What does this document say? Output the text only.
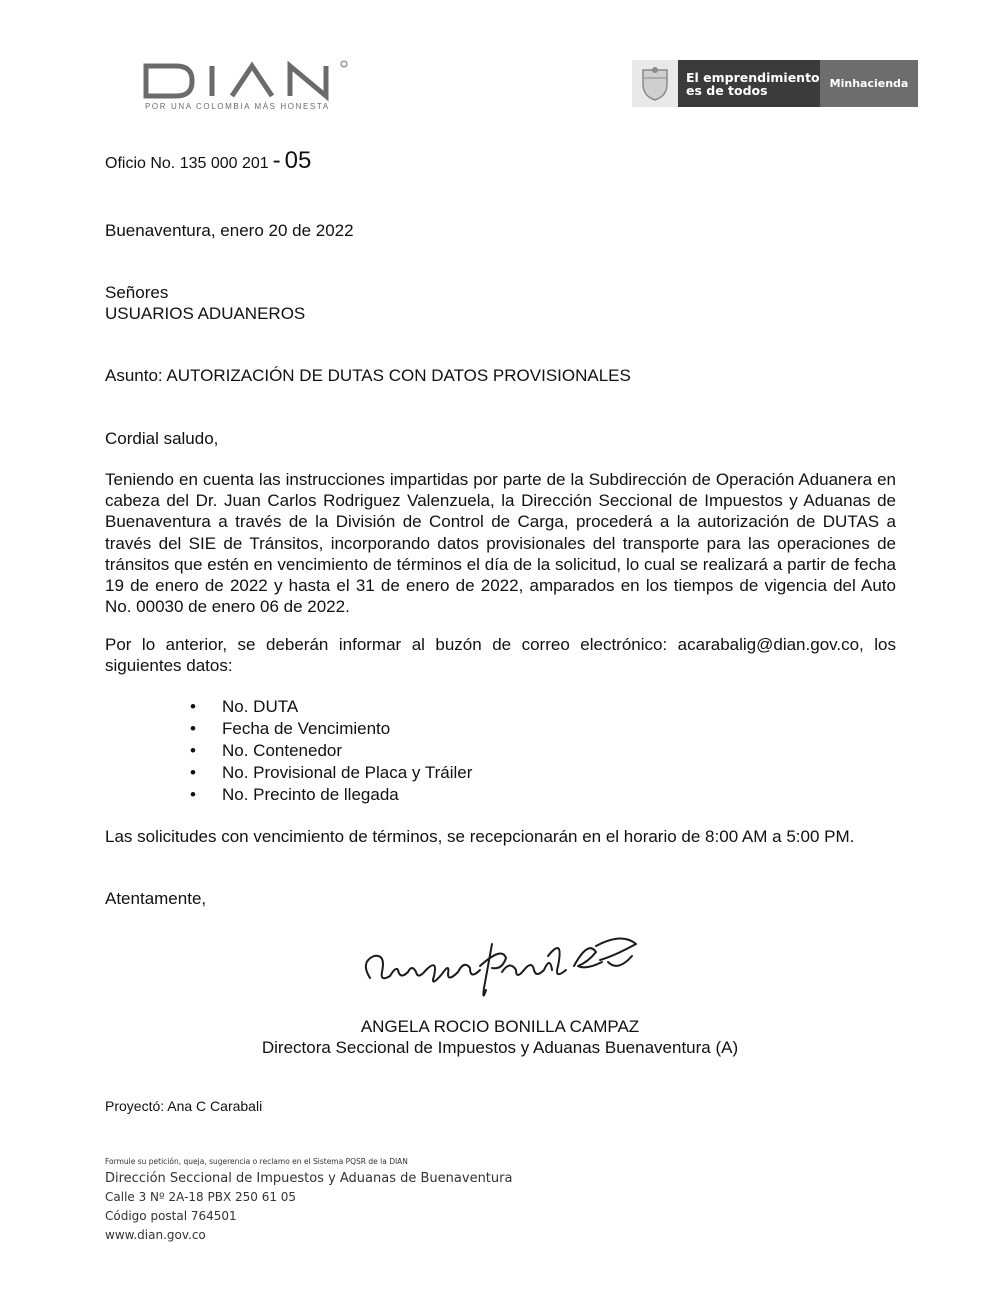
POR UNA COLOMBIA MÁS HONESTA
El emprendimiento
es de todos	Minhacienda
Oficio No. 135 000 201 - 05
Buenaventura, enero 20 de 2022
Señores
USUARIOS ADUANEROS
Asunto: AUTORIZACIÓN DE DUTAS CON DATOS PROVISIONALES
Cordial saludo,
Teniendo en cuenta las instrucciones impartidas por parte de la Subdirección de Operación Aduanera en cabeza del Dr. Juan Carlos Rodriguez Valenzuela, la Dirección Seccional de Impuestos y Aduanas de Buenaventura a través de la División de Control de Carga, procederá a la autorización de DUTAS a través del SIE de Tránsitos, incorporando datos provisionales del transporte para las operaciones de tránsitos que estén en vencimiento de términos el día de la solicitud, lo cual se realizará a partir de fecha 19 de enero de 2022 y hasta el 31 de enero de 2022, amparados en los tiempos de vigencia del Auto No. 00030 de enero 06 de 2022.
Por lo anterior, se deberán informar al buzón de correo electrónico: acarabalig@dian.gov.co, los siguientes datos:
• No. DUTA
• Fecha de Vencimiento
• No. Contenedor
• No. Provisional de Placa y Tráiler
• No. Precinto de llegada
Las solicitudes con vencimiento de términos, se recepcionarán en el horario de 8:00 AM a 5:00 PM.
Atentamente,
ANGELA ROCIO BONILLA CAMPAZ
Directora Seccional de Impuestos y Aduanas Buenaventura (A)
Proyectó: Ana C Carabali
Formule su petición, queja, sugerencia o reclamo en el Sistema PQSR de la DIAN
Dirección Seccional de Impuestos y Aduanas de Buenaventura
Calle 3 Nº 2A-18 PBX 250 61 05
Código postal 764501
www.dian.gov.co
